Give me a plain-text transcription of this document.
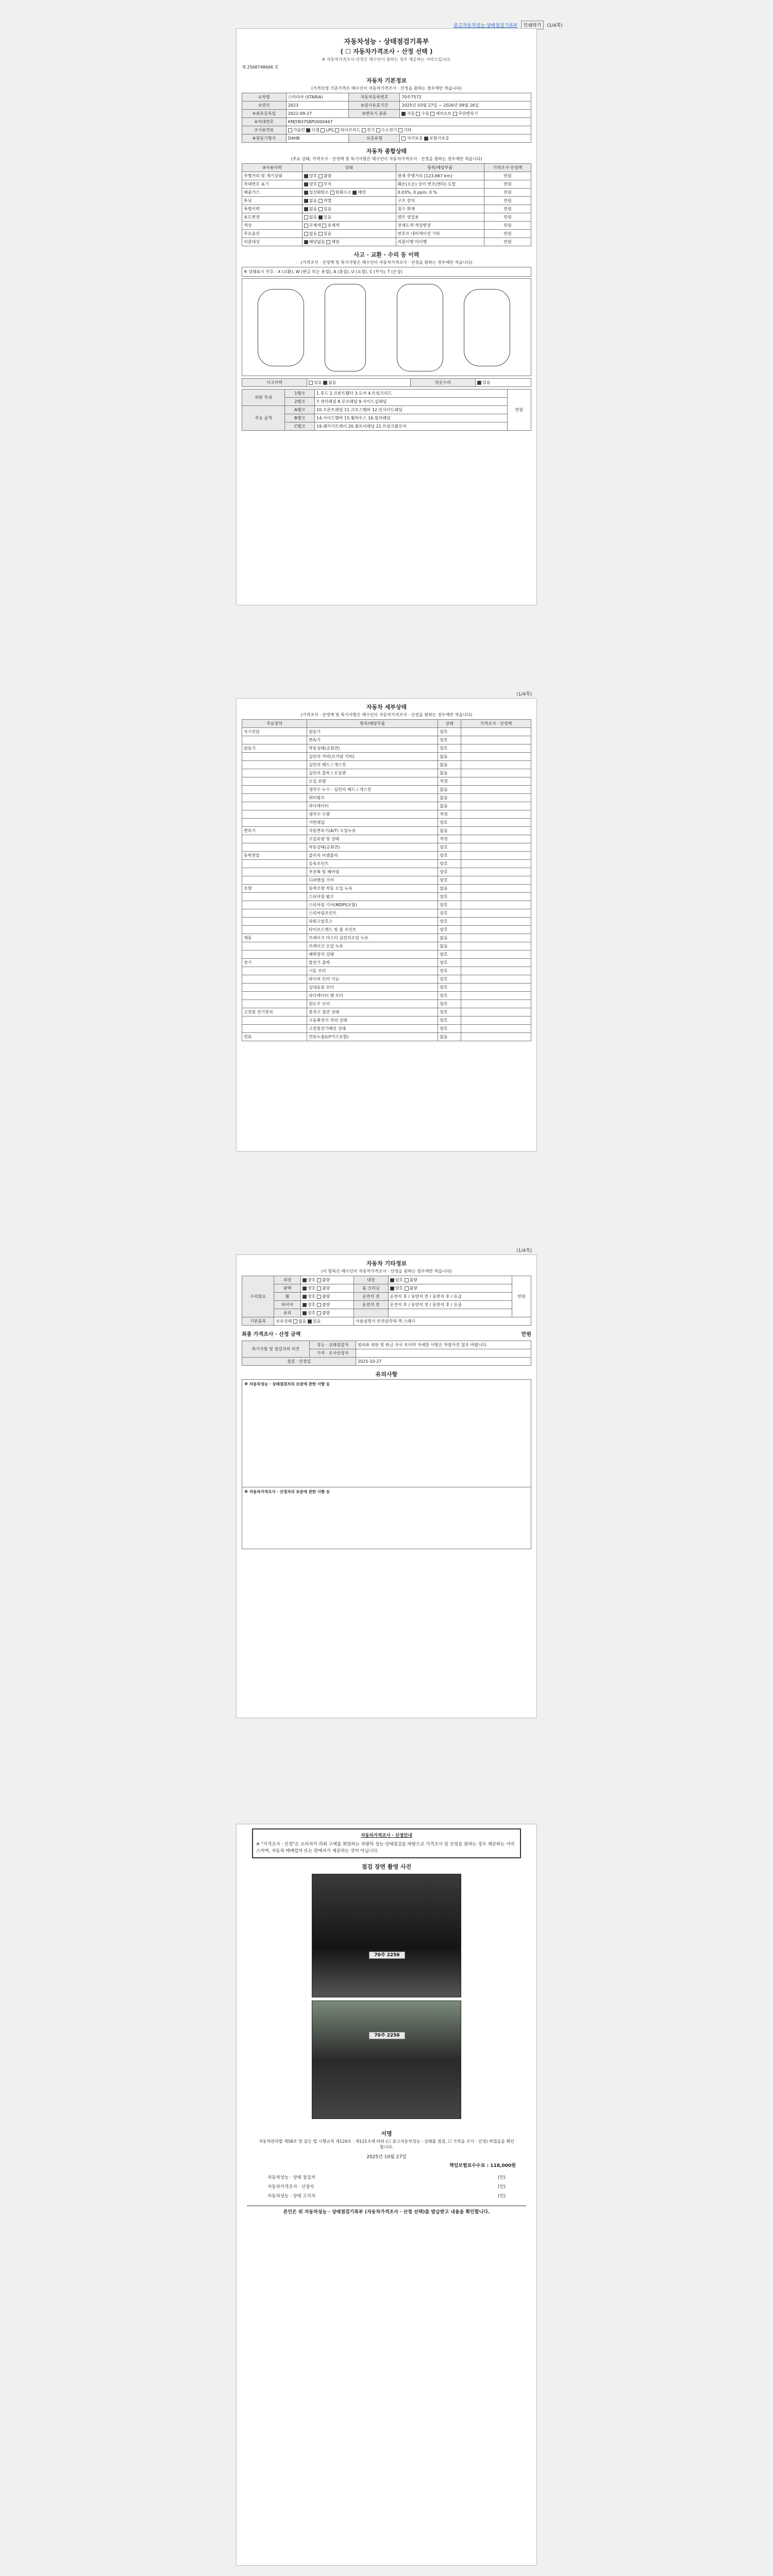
중고자동차성능·상태점검기록부	인쇄하기	(1/4쪽)
자동차성능 · 상태점검기록부
( ☐ 자동차가격조사 · 산정 선택 )
※ 자동차가격조사·산정은 매수인이 원하는 경우 제공하는 서비스입니다.
제 2568748666 호
자동차 기본정보
(가격산정 가준가격은 매수인이 자동차가격조사 · 산정을 원하는 경우에만 적습니다)
①차명	스타리아 (STARIA)	자동차등록번호	70주7572
②연식	2023	③검사유효기간	2025년 03월 27일 ~ 2026년 09월 26일
④최초등록일	2022-09-27	⑤변속기 종류	자동 수동 세미오토 무단변속기
⑥차대번호	KMJYB37SBPU000467		
⑦사용연료	가솔린 디젤 LPG 하이브리드 전기 수소전기 기타		
⑧원동기형식	D4HB	보증유형	자가보증 보험사보증
자동차 종합상태
(주요 상태, 가격조사 · 산정액 및 특기사항은 매수인이 자동차가격조사 · 산정을 원하는 경우에만 적습니다)
⑨사용이력	상태	항목/해당부품	가격조사·산정액
주행거리 및 계기상태	양호 불량	현재 주행거리 [123,667 km]	만원
차대번호 표기	양호 부식	훼손(오손) 상이 변조(변타) 도말	만원
배출가스	일산화탄소 탄화수소 매연	0.03%, 0 ppm, 0 %	만원
튜닝	없음 적법	구조 장치	만원
특별이력	없음 있음	침수 화재	만원
용도변경	없음 있음	렌트 영업용	만원
색상	무채색 유채색	전체도색 색상변경	만원
주요옵션	없음 있음	썬루프 네비게이션 기타	만원
리콜대상	해당없음 해당	리콜이행 미이행	만원
사고 · 교환 · 수리 등 이력
(가격조사 · 산정액 및 특기사항은 매수인이 자동차가격조사 · 산정을 원하는 경우에만 적습니다)
※ 상태표시 부호 : X (교환), W (판금 또는 용접), A (흠집), U (요철), C (부식), T (손상)
사고이력	있음 없음	단순수리	있음
외판 부위	1랭크	1.후드 2.프론트휀더 3.도어 4.트렁크리드	만원
	2랭크	7.쿼터패널 8.루프패널 9.사이드실패널	
주요 골격	A랭크	10.프론트패널 11.크로스멤버 12.인사이드패널	
	B랭크	14.사이드멤버 15.휠하우스 16.필러패널	
	C랭크	19.패키지트레이 20.플로어패널 21.트렁크플로어	
(1/4쪽)
자동차 세부상태
(가격조사 · 산정액 및 특기사항은 매수인이 자동차가격조사 · 산정을 원하는 경우에만 적습니다)
주요장치	항목/해당부품	상태	가격조사 · 산정액
자기진단	원동기	양호	
	변속기	양호	
원동기	작동상태(공회전)	양호	
	실린더 커버(로커암 커버)	없음	
	실린더 헤드 / 개스킷	없음	
	실린더 블록 / 오일팬	없음	
	오일 유량	적정	
	냉각수 누수 - 실린더 헤드 / 개스킷	없음	
	워터펌프	없음	
	라디에이터	없음	
	냉각수 수량	적정	
	커먼레일	양호	
변속기	자동변속기(A/T) 오일누유	없음	
	오일유량 및 상태	적정	
	작동상태(공회전)	양호	
동력전달	클러치 어셈블리	양호	
	등속조인트	양호	
	추진축 및 베어링	양호	
	디퍼렌셜 기어	양호	
조향	동력조향 작동 오일 누유	없음	
	스티어링 펌프	양호	
	스티어링 기어(MDPS포함)	양호	
	스티어링조인트	양호	
	파워고압호스	양호	
	타이로드엔드 및 볼 조인트	양호	
제동	브레이크 마스터 실린더오일 누유	없음	
	브레이크 오일 누유	없음	
	배력장치 상태	양호	
전기	발전기 출력	양호	
	시동 모터	양호	
	와이퍼 모터 기능	양호	
	실내송풍 모터	양호	
	라디에이터 팬 모터	양호	
	윈도우 모터	양호	
고전원 전기장치	충전구 절연 상태	양호	
	구동축전지 격리 상태	양호	
	고전원전기배선 상태	양호	
연료	연료누출(LP가스포함)	없음	
(1/4쪽)
자동차 기타정보
(이 항목은 매수인이 자동차가격조사 · 산정을 원하는 경우에만 적습니다)
수리필요	외장	양호 불량	내장	양호 불량	만원
	광택	양호 불량	룸 크리닝	양호 불량	
	휠	양호 불량	운전석 전	운전석 후 / 동반석 전 / 동반석 후 / 응급	
	타이어	양호 불량	운전석 전	운전석 후 / 동반석 전 / 동반석 후 / 응급	
	유리	양호 불량			
기본품목	보유상태 없음 있음		사용설명서 안전삼각대 잭 스패너		
최종 가격조사 · 산정 금액	만원
특기사항 및 점검자의 의견	성능 · 상태점검자	범퍼류 외판 및 판금 자국 보이며 자세한 사항은 차량사진 참조 바랍니다.
	가격 · 조사산정자	
점검 · 산정일		2025-10-27
유의사항

※ 자동차성능 · 상태점검자의 보증에 관한 사항 등

※ 자동차가격조사 · 산정자의 보증에 관한 사항 등

자동차가격조사 · 산정안내
※ "가격조사 · 산정"은 소비자가 의뢰 구매를 희망하는 차량의 성능·상태점검을 바탕으로 가격조사 및 산정을 원하는 경우 제공하는 서비스이며, 자동차 매매업자 또는 판매자가 제공하는 것이 아닙니다.
점검 장면 촬영 사진
70주 2256
70주 2256
서명
자동차관리법 제58조 및 같은 법 시행규칙 제120조 · 제121조에 따라 (☐ 중고자동차성능 · 상태를 점검, ☐ 가격을 조사 · 산정) 하였음을 확인합니다.
2025년 10월 27일
책임보험료수수료 : 118,000원
자동차성능 · 상태 점검자	(인)
자동차가격조사 · 산정자	(인)
자동차성능 · 상태 고지자	(인)
본인은 위 자동차성능 · 상태점검기록부 (자동차가격조사 · 산정 선택)를 발급받고 내용을 확인합니다.
